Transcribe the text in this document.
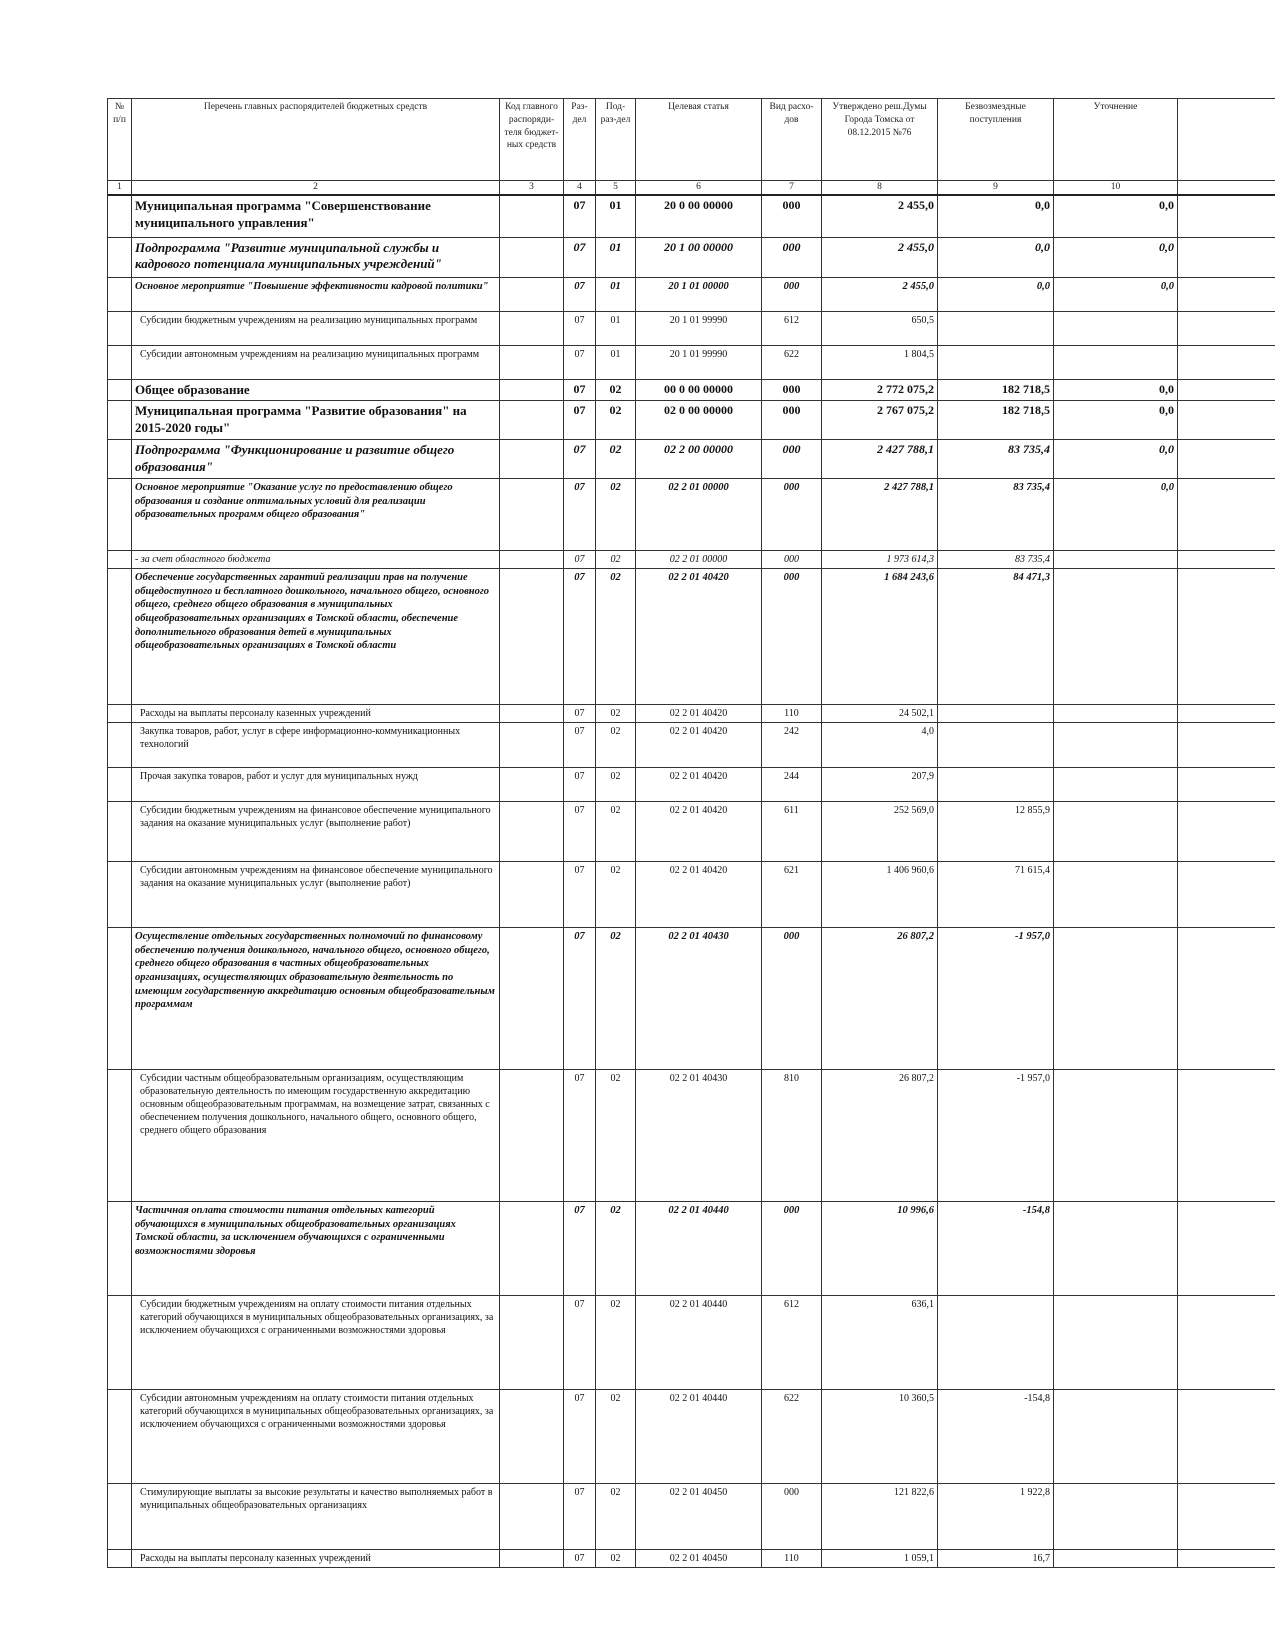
№ п/п	Перечень главных распорядителей бюджетных средств	Код главного распоряди-теля бюджет-ных средств	Раз-дел	Под-раз-дел	Целевая статья	Вид расхо-дов	Утверждено реш.Думы Города Томска от 08.12.2015 №76	Безвозмездные поступления	Уточнение	
1	2	3	4	5	6	7	8	9	10	
	Муниципальная программа "Совершенствование муниципального управления"		07	01	20 0 00 00000	000	2 455,0	0,0	0,0	
	Подпрограмма "Развитие муниципальной службы и кадрового потенциала муниципальных учреждений"		07	01	20 1 00 00000	000	2 455,0	0,0	0,0	
	Основное мероприятие "Повышение эффективности кадровой политики"		07	01	20 1 01 00000	000	2 455,0	0,0	0,0	
	Субсидии бюджетным учреждениям на реализацию муниципальных программ		07	01	20 1 01 99990	612	650,5			
	Субсидии автономным учреждениям на реализацию муниципальных программ		07	01	20 1 01 99990	622	1 804,5			
	Общее образование		07	02	00 0 00 00000	000	2 772 075,2	182 718,5	0,0	
	Муниципальная программа "Развитие образования" на 2015-2020 годы"		07	02	02 0 00 00000	000	2 767 075,2	182 718,5	0,0	
	Подпрограмма "Функционирование и развитие общего образования"		07	02	02 2 00 00000	000	2 427 788,1	83 735,4	0,0	
	Основное мероприятие "Оказание услуг по предоставлению общего образования и создание оптимальных условий для реализации образовательных программ общего образования"		07	02	02 2 01 00000	000	2 427 788,1	83 735,4	0,0	
	- за счет областного бюджета		07	02	02 2 01 00000	000	1 973 614,3	83 735,4		
	Обеспечение государственных гарантий реализации прав на получение общедоступного и бесплатного дошкольного, начального общего, основного общего, среднего общего образования в муниципальных общеобразовательных организациях в Томской области, обеспечение дополнительного образования детей в муниципальных общеобразовательных организациях в Томской области		07	02	02 2 01 40420	000	1 684 243,6	84 471,3		
	Расходы на выплаты персоналу казенных учреждений		07	02	02 2 01 40420	110	24 502,1			
	Закупка товаров, работ, услуг в сфере информационно-коммуникационных технологий		07	02	02 2 01 40420	242	4,0			
	Прочая закупка товаров, работ и услуг для муниципальных нужд		07	02	02 2 01 40420	244	207,9			
	Субсидии бюджетным учреждениям на финансовое обеспечение муниципального задания на оказание муниципальных услуг (выполнение работ)		07	02	02 2 01 40420	611	252 569,0	12 855,9		
	Субсидии автономным учреждениям на финансовое обеспечение муниципального задания на оказание муниципальных услуг (выполнение работ)		07	02	02 2 01 40420	621	1 406 960,6	71 615,4		
	Осуществление отдельных государственных полномочий по финансовому обеспечению получения дошкольного, начального общего, основного общего, среднего общего образования в частных общеобразовательных организациях, осуществляющих образовательную деятельность по имеющим государственную аккредитацию основным общеобразовательным программам		07	02	02 2 01 40430	000	26 807,2	-1 957,0		
	Субсидии частным общеобразовательным организациям, осуществляющим образовательную деятельность по имеющим государственную аккредитацию основным общеобразовательным программам, на возмещение затрат, связанных с обеспечением получения дошкольного, начального общего, основного общего, среднего общего образования		07	02	02 2 01 40430	810	26 807,2	-1 957,0		
	Частичная оплата стоимости питания отдельных категорий обучающихся в муниципальных общеобразовательных организациях Томской области, за исключением обучающихся с ограниченными возможностями здоровья		07	02	02 2 01 40440	000	10 996,6	-154,8		
	Субсидии бюджетным учреждениям на оплату стоимости питания отдельных категорий обучающихся в муниципальных общеобразовательных организациях, за исключением обучающихся с ограниченными возможностями здоровья		07	02	02 2 01 40440	612	636,1			
	Субсидии автономным учреждениям на оплату стоимости питания отдельных категорий обучающихся в муниципальных общеобразовательных организациях, за исключением обучающихся с ограниченными возможностями здоровья		07	02	02 2 01 40440	622	10 360,5	-154,8		
	Стимулирующие выплаты за высокие результаты и качество выполняемых работ в муниципальных общеобразовательных организациях		07	02	02 2 01 40450	000	121 822,6	1 922,8		
	Расходы на выплаты персоналу казенных учреждений		07	02	02 2 01 40450	110	1 059,1	16,7		
